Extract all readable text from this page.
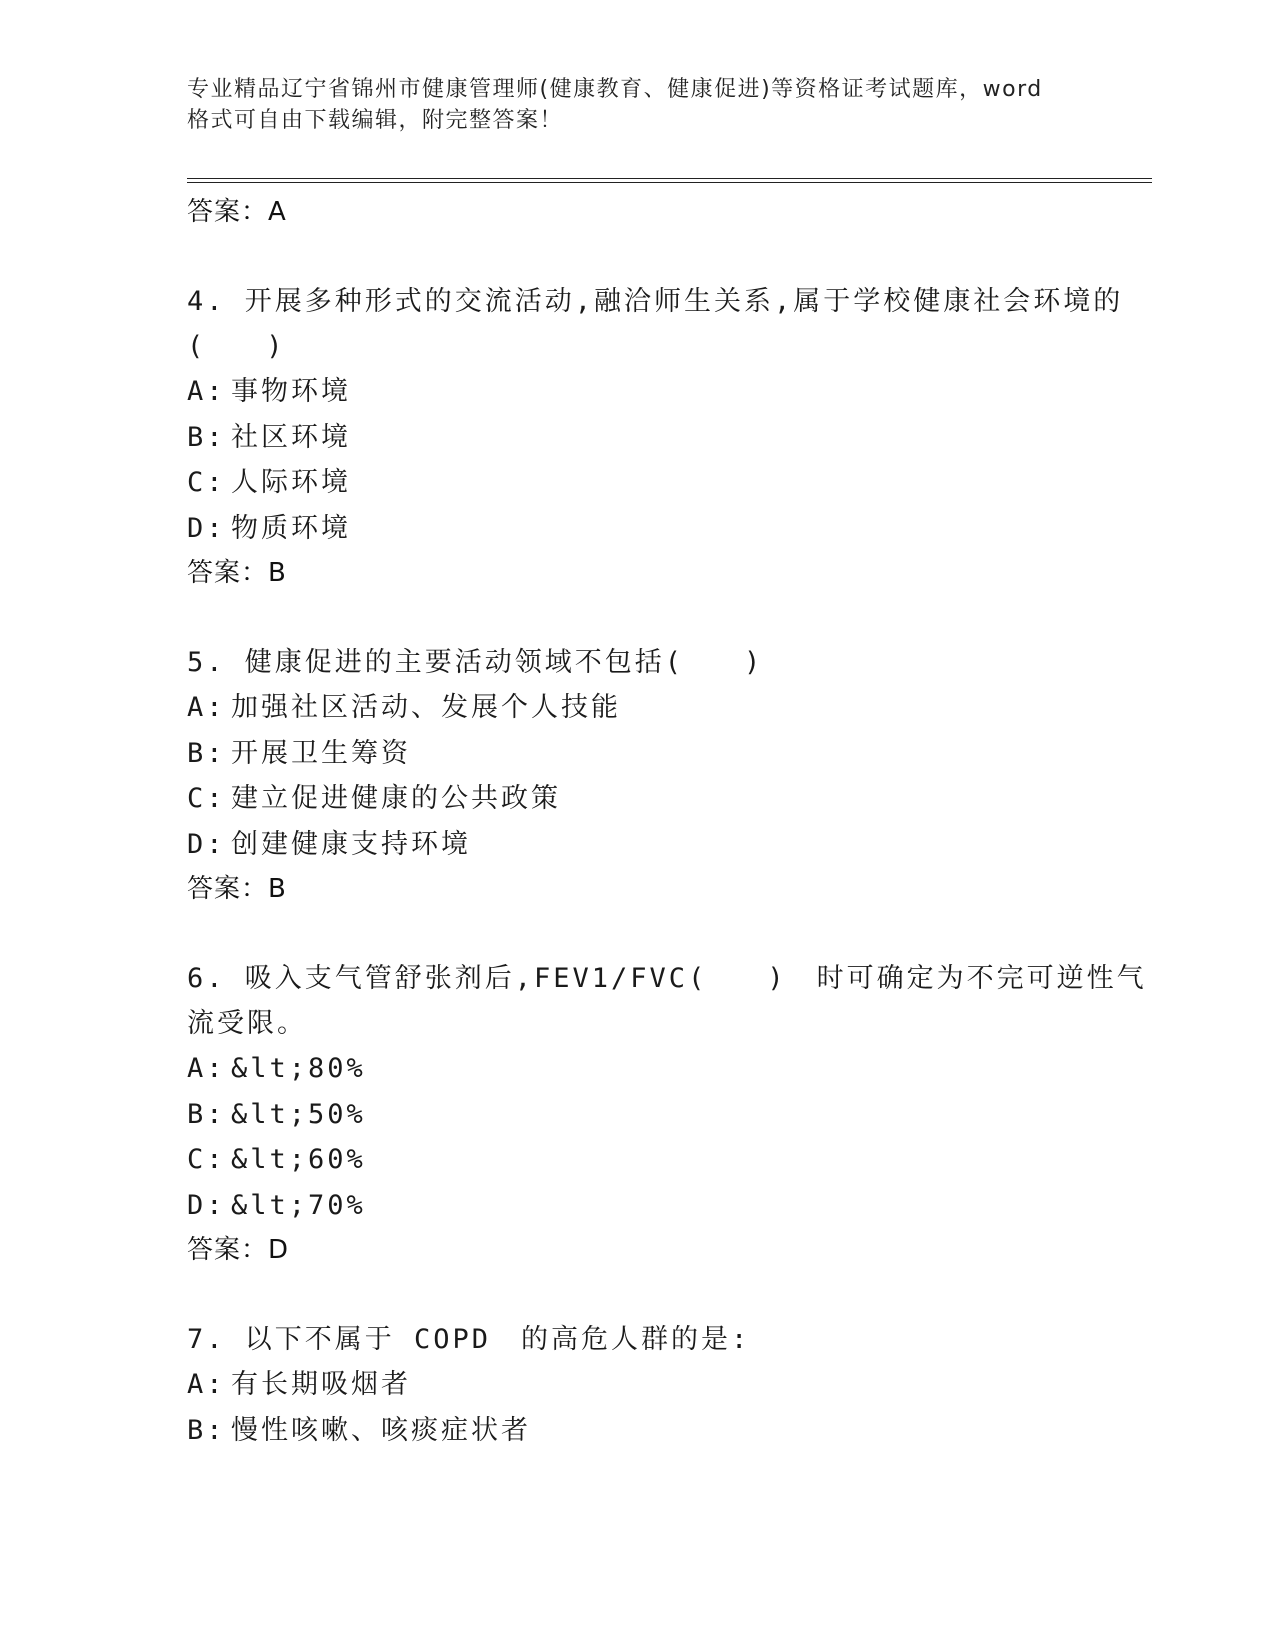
专业精品辽宁省锦州市健康管理师(健康教育、健康促进)等资格证考试题库，word
格式可自由下载编辑，附完整答案！
答案：A
4. 开展多种形式的交流活动,融洽师生关系,属于学校健康社会环境的
(　　)
A: 事物环境
B: 社区环境
C: 人际环境
D: 物质环境
答案：B
5. 健康促进的主要活动领域不包括(　　)
A: 加强社区活动、发展个人技能
B: 开展卫生筹资
C: 建立促进健康的公共政策
D: 创建健康支持环境
答案：B
6. 吸入支气管舒张剂后,FEV1/FVC(　　)　时可确定为不完可逆性气
流受限。
A: &lt;80%
B: &lt;50%
C: &lt;60%
D: &lt;70%
答案：D
7. 以下不属于 COPD　的高危人群的是:
A: 有长期吸烟者
B: 慢性咳嗽、咳痰症状者
